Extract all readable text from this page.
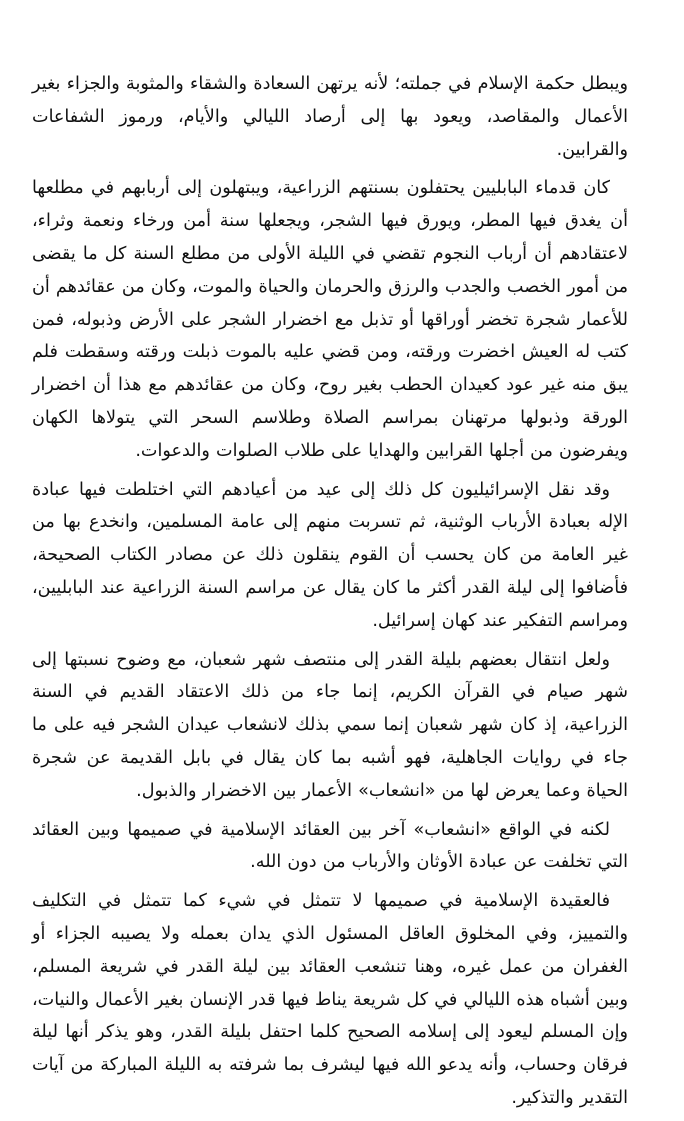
ويبطل حكمة الإسلام في جملته؛ لأنه يرتهن السعادة والشقاء والمثوبة والجزاء بغير الأعمال والمقاصد، ويعود بها إلى أرصاد الليالي والأيام، ورموز الشفاعات والقرابين.

كان قدماء البابليين يحتفلون بسنتهم الزراعية، ويبتهلون إلى أربابهم في مطلعها أن يغدق فيها المطر، ويورق فيها الشجر، ويجعلها سنة أمن ورخاء ونعمة وثراء، لاعتقادهم أن أرباب النجوم تقضي في الليلة الأولى من مطلع السنة كل ما يقضى من أمور الخصب والجدب والرزق والحرمان والحياة والموت، وكان من عقائدهم أن للأعمار شجرة تخضر أوراقها أو تذبل مع اخضرار الشجر على الأرض وذبوله، فمن كتب له العيش اخضرت ورقته، ومن قضي عليه بالموت ذبلت ورقته وسقطت فلم يبق منه غير عود كعيدان الحطب بغير روح، وكان من عقائدهم مع هذا أن اخضرار الورقة وذبولها مرتهنان بمراسم الصلاة وطلاسم السحر التي يتولاها الكهان ويفرضون من أجلها القرابين والهدايا على طلاب الصلوات والدعوات.

وقد نقل الإسرائيليون كل ذلك إلى عيد من أعيادهم التي اختلطت فيها عبادة الإله بعبادة الأرباب الوثنية، ثم تسربت منهم إلى عامة المسلمين، وانخدع بها من غير العامة من كان يحسب أن القوم ينقلون ذلك عن مصادر الكتاب الصحيحة، فأضافوا إلى ليلة القدر أكثر ما كان يقال عن مراسم السنة الزراعية عند البابليين، ومراسم التفكير عند كهان إسرائيل.

ولعل انتقال بعضهم بليلة القدر إلى منتصف شهر شعبان، مع وضوح نسبتها إلى شهر صيام في القرآن الكريم، إنما جاء من ذلك الاعتقاد القديم في السنة الزراعية، إذ كان شهر شعبان إنما سمي بذلك لانشعاب عيدان الشجر فيه على ما جاء في روايات الجاهلية، فهو أشبه بما كان يقال في بابل القديمة عن شجرة الحياة وعما يعرض لها من «انشعاب» الأعمار بين الاخضرار والذبول.

لكنه في الواقع «انشعاب» آخر بين العقائد الإسلامية في صميمها وبين العقائد التي تخلفت عن عبادة الأوثان والأرباب من دون الله.

فالعقيدة الإسلامية في صميمها لا تتمثل في شيء كما تتمثل في التكليف والتمييز، وفي المخلوق العاقل المسئول الذي يدان بعمله ولا يصيبه الجزاء أو الغفران من عمل غيره، وهنا تنشعب العقائد بين ليلة القدر في شريعة المسلم، وبين أشباه هذه الليالي في كل شريعة يناط فيها قدر الإنسان بغير الأعمال والنيات، وإن المسلم ليعود إلى إسلامه الصحيح كلما احتفل بليلة القدر، وهو يذكر أنها ليلة فرقان وحساب، وأنه يدعو الله فيها ليشرف بما شرفته به الليلة المباركة من آيات التقدير والتذكير.
